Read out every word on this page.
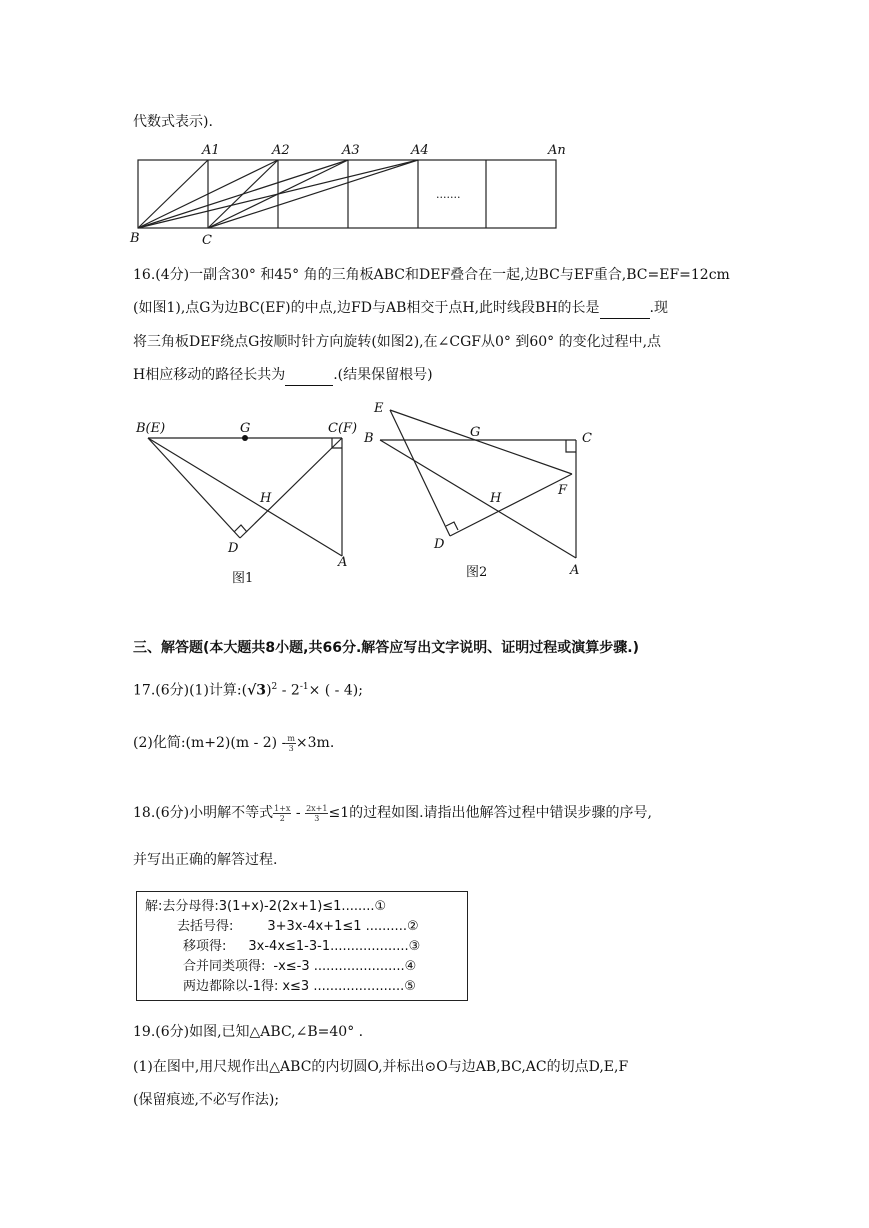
代数式表示).
A1	A2	A3	A4	An
B	C
.......
16.(4分)一副含30° 和45° 角的三角板ABC和DEF叠合在一起,边BC与EF重合,BC=EF=12cm
(如图1),点G为边BC(EF)的中点,边FD与AB相交于点H,此时线段BH的长是	.现
将三角板DEF绕点G按顺时针方向旋转(如图2),在∠CGF从0° 到60° 的变化过程中,点
H相应移动的路径长共为	.(结果保留根号)
B(E)	G	C(F)
H
D
A
图1
E
B	G	C
F
H
D
A
图2
三、解答题(本大题共8小题,共66分.解答应写出文字说明、证明过程或演算步骤.)
17.(6分)(1)计算$:(√3)^2 - 2^{-1}\times$ ( - 4);
(2)化简:(m+2)(m - $2) - \frac{m}{3} \times 3m$.
18.(6分)小明解不等式 $\frac{1+x}{2} - \frac{2x+1}{3} \le 1$的过程如图.请指出他解答过程中错误步骤的序号,
并写出正确的解答过程.
解:去分母得:3(1+x)-2(2x+1)≤1........①
去括号得:	3+3x-4x+1≤1 ..........②
移项得: 3x-4x≤1-3-1...................③
合并同类项得: -x≤-3 ......................④
两边都除以-1得: x≤3 ......................⑤
19.(6分)如图,已知△ABC,∠B=40° .
(1)在图中,用尺规作出△ABC的内切圆O,并标出⊙O与边AB,BC,AC的切点D,E,F
(保留痕迹,不必写作法);
